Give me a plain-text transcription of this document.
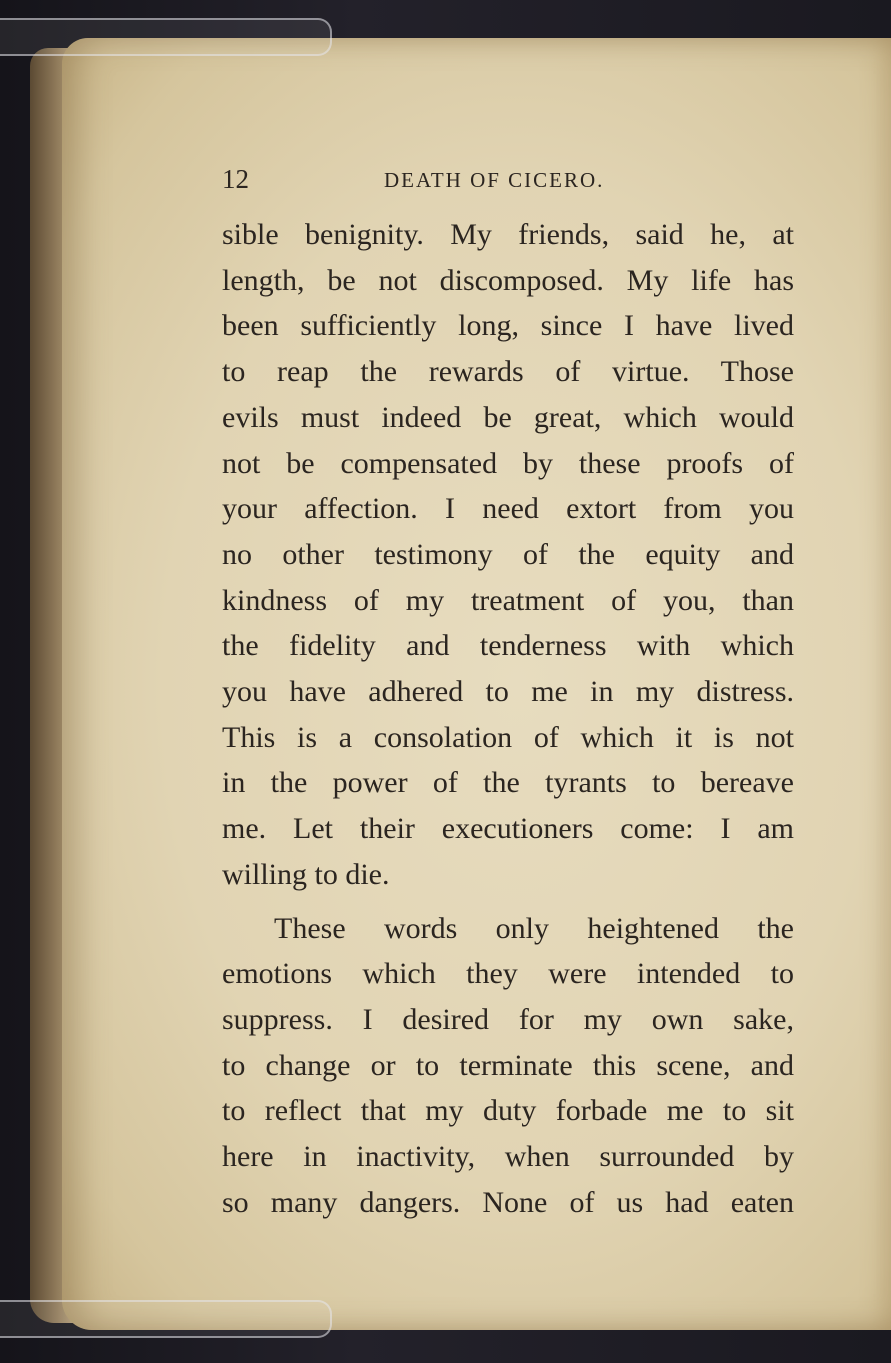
12	DEATH OF CICERO.
sible benignity. My friends, said he, at
length, be not discomposed. My life has
been sufficiently long, since I have lived
to reap the rewards of virtue. Those
evils must indeed be great, which would
not be compensated by these proofs of
your affection. I need extort from you
no other testimony of the equity and
kindness of my treatment of you, than
the fidelity and tenderness with which
you have adhered to me in my distress.
This is a consolation of which it is not
in the power of the tyrants to bereave
me. Let their executioners come: I am
willing to die.
These words only heightened the
emotions which they were intended to
suppress. I desired for my own sake,
to change or to terminate this scene, and
to reflect that my duty forbade me to sit
here in inactivity, when surrounded by
so many dangers. None of us had eaten
